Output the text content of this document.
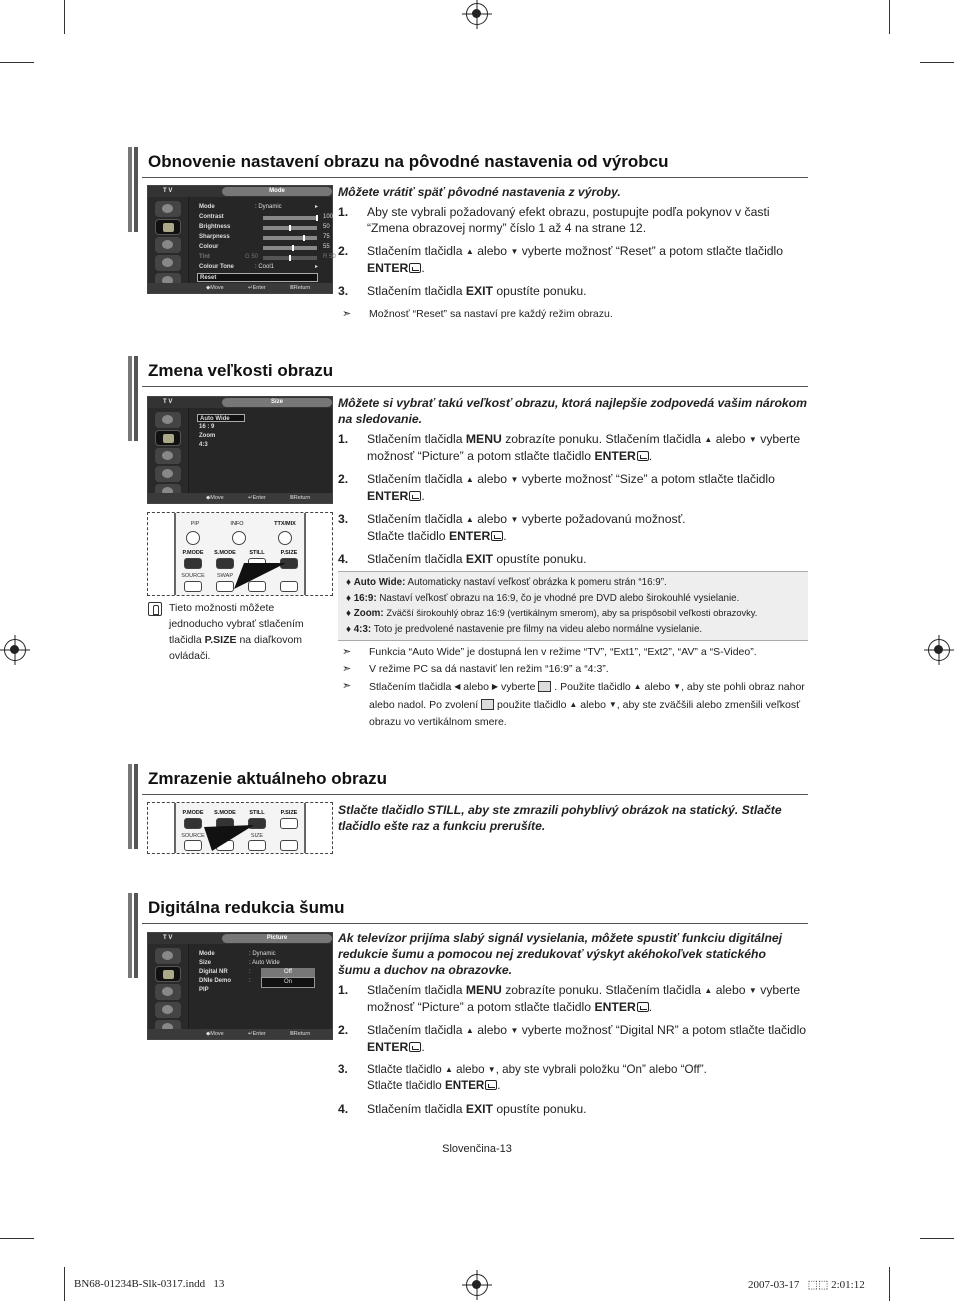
Obnovenie nastavení obrazu na pôvodné nastavenia od výrobcu
T V	Mode
Mode	: Dynamic	▸
Contrast	100
Brightness	50
Sharpness	75
Colour	55
Tint	G 50	R 50
Colour Tone	: Cool1	▸
Reset
◆ Move	↵ Enter	Ⅲ Return
Môžete vrátiť späť pôvodné nastavenia z výroby.
1. Aby ste vybrali požadovaný efekt obrazu, postupujte podľa pokynov v časti “Zmena obrazovej normy” číslo 1 až 4 na strane 12.
2. Stlačením tlačidla ▲ alebo ▼ vyberte možnosť “Reset” a potom stlačte tlačidlo ENTER .
3. Stlačením tlačidla EXIT opustíte ponuku.
➣ Možnosť “Reset” sa nastaví pre každý režim obrazu.
Zmena veľkosti obrazu
T V	Size
Auto Wide
16 : 9
Zoom
4:3
◆ Move	↵ Enter	Ⅲ Return
PIP	INFO	TTX/MIX
P.MODE	S.MODE	STILL	P.SIZE
SOURCE	SWAP
Tieto možnosti môžete jednoducho vybrať stlačením tlačidla P.SIZE na diaľkovom ovládači.
Môžete si vybrať takú veľkosť obrazu, ktorá najlepšie zodpovedá vašim nárokom na sledovanie.
1. Stlačením tlačidla MENU zobrazíte ponuku. Stlačením tlačidla ▲ alebo ▼ vyberte možnosť “Picture” a potom stlačte tlačidlo ENTER .
2. Stlačením tlačidla ▲ alebo ▼ vyberte možnosť “Size” a potom stlačte tlačidlo ENTER .
3. Stlačením tlačidla ▲ alebo ▼ vyberte požadovanú možnosť.
Stlačte tlačidlo ENTER .
4. Stlačením tlačidla EXIT opustíte ponuku.
♦ Auto Wide: Automaticky nastaví veľkosť obrázka k pomeru strán “16:9”.
♦ 16:9: Nastaví veľkosť obrazu na 16:9, čo je vhodné pre DVD alebo širokouhlé vysielanie.
♦ Zoom: Zväčší širokouhlý obraz 16:9 (vertikálnym smerom), aby sa prispôsobil veľkosti obrazovky.
♦ 4:3: Toto je predvolené nastavenie pre filmy na videu alebo normálne vysielanie.
➣ Funkcia “Auto Wide” je dostupná len v režime “TV”, “Ext1”, “Ext2”, “AV” a “S-Video”.
➣ V režime PC sa dá nastaviť len režim “16:9” a “4:3”.
➣ Stlačením tlačidla ◀ alebo ▶ vyberte . Použite tlačidlo ▲ alebo ▼, aby ste pohli obraz nahor alebo nadol. Po zvolení použite tlačidlo ▲ alebo ▼, aby ste zväčšili alebo zmenšili veľkosť obrazu vo vertikálnom smere.
Zmrazenie aktuálneho obrazu
P.MODE	S.MODE	STILL	P.SIZE
SOURCE	SIZE
Stlačte tlačidlo STILL, aby ste zmrazili pohyblivý obrázok na statický. Stlačte tlačidlo ešte raz a funkciu prerušíte.
Digitálna redukcia šumu
T V	Picture
Mode	: Dynamic
Size	: Auto Wide
Digital NR	:	Off
DNIe Demo	:	On
PIP
◆ Move	↵ Enter	Ⅲ Return
Ak televízor prijíma slabý signál vysielania, môžete spustiť funkciu digitálnej redukcie šumu a pomocou nej zredukovať výskyt akéhokoľvek statického šumu a duchov na obrazovke.
1. Stlačením tlačidla MENU zobrazíte ponuku. Stlačením tlačidla ▲ alebo ▼ vyberte možnosť “Picture” a potom stlačte tlačidlo ENTER .
2. Stlačením tlačidla ▲ alebo ▼ vyberte možnosť “Digital NR” a potom stlačte tlačidlo ENTER .
3. Stlačte tlačidlo ▲ alebo ▼, aby ste vybrali položku “On” alebo “Off”.
Stlačte tlačidlo ENTER .
4. Stlačením tlačidla EXIT opustíte ponuku.
Slovenčina-13
BN68-01234B-Slk-0317.indd   13	2007-03-17   ⬚⬚ 2:01:12
